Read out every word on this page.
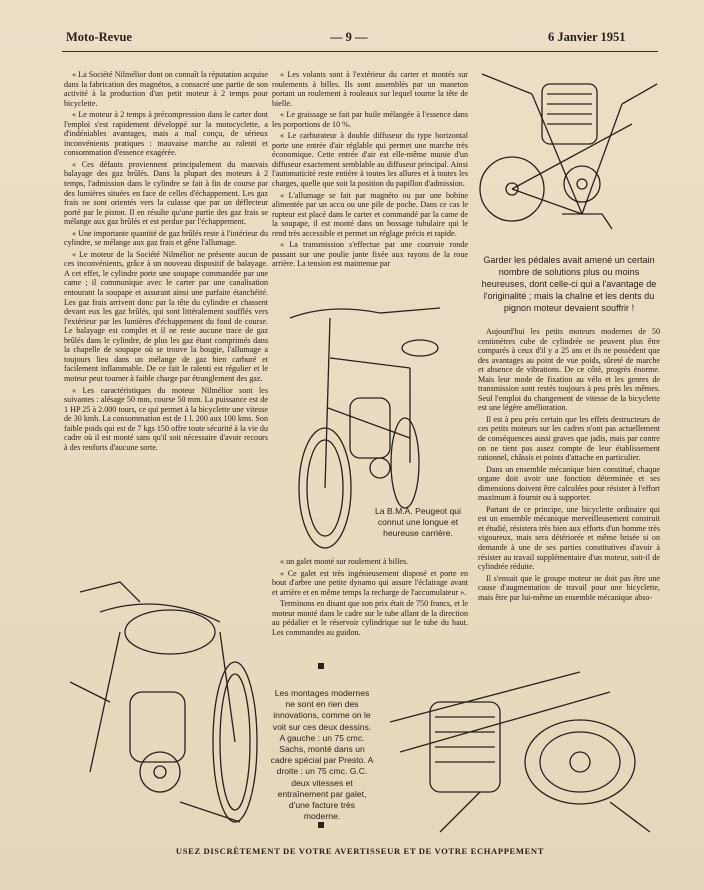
Moto-Revue	— 9 —	6 Janvier 1951

« La Société Nilmélior dont on connaît la réputation acquise dans la fabrication des magnétos, a consacré une partie de son activité à la production d'un petit moteur à 2 temps pour bicyclette.

« Le moteur à 2 temps à précompression dans le carter dont l'emploi s'est rapidement développé sur la motocyclette, a d'indéniables avantages, mais a mal conçu, de sérieux inconvénients pratiques : mauvaise marche au ralenti et consommation d'essence exagérée.

« Ces défauts proviennent principalement du mauvais balayage des gaz brûlés. Dans la plupart des moteurs à 2 temps, l'admission dans le cylindre se fait à fin de course par des lumières situées en face de celles d'échappement. Les gaz frais ne sont orientés vers la culasse que par un déflecteur porté par le piston. Il en résulte qu'une partie des gaz frais se mélange aux gaz brûlés et est perdue par l'échappement.

« Une importante quantité de gaz brûlés reste à l'intérieur du cylindre, se mélange aux gaz frais et gêne l'allumage.

« Le moteur de la Société Nilmélior ne présente aucun de ces inconvénients, grâce à un nouveau dispositif de balayage. A cet effet, le cylindre porte une soupape commandée par une came ; il communique avec le carter par une canalisation entourant la soupape et assurant ainsi une parfaite étanchéité. Les gaz frais arrivent donc par la tête du cylindre et chassent devant eux les gaz brûlés, qui sont littéralement soufflés vers l'extérieur par les lumières d'échappement du fond de course. Le balayage est complet et il ne reste aucune trace de gaz brûlés dans le cylindre, de plus les gaz étant comprimés dans la chapelle de soupape où se trouve la bougie, l'allumage a toujours lieu dans un mélange de gaz bien carburé et facilement inflammable. De ce fait le ralenti est régulier et le moteur peut tourner à faible charge par étranglement des gaz.

« Les caractéristiques du moteur Nilmélior sont les suivantes : alésage 50 mm, course 50 mm. La puissance est de 1 HP 25 à 2.000 tours, ce qui permet à la bicyclette une vitesse de 30 kmh. La consommation est de 1 l. 200 aux 100 kms. Son faible poids qui est de 7 kgs 150 offre toute sécurité à la vie du cadre où il est monté sans qu'il soit nécessaire d'avoir recours à des renforts d'aucune sorte.

« Les volants sont à l'extérieur du carter et montés sur roulements à billes. Ils sont assemblés par un maneton portant un roulement à rouleaux sur lequel tourne la tête de bielle.

« Le graissage se fait par huile mélangée à l'essence dans les porportions de 10 %.

« Le carburateur à double diffuseur du type horizontal porte une entrée d'air réglable qui permet une marche très économique. Cette entrée d'air est elle-même munie d'un diffuseur exactement semblable au diffuseur principal. Ainsi l'automaticité reste entière à toutes les allures et à toutes les charges, quelle que soit la position du papillon d'admission.

« L'allumage se fait par magnéto ou par une bobine alimentée par un accu ou une pile de poche. Dans ce cas le rupteur est placé dans le carter et commandé par la came de la soupape, il est monté dans un bossage tubulaire qui le rend très accessible et permet un réglage précis et rapide.

« La transmission s'effectue par une courroie ronde passant sur une poulie jante fixée aux rayons de la roue arrière. La tension est maintenue par

« un galet monté sur roulement à billes.

« Ce galet est très ingénieusement disposé et porte en bout d'arbre une petite dynamo qui assure l'éclairage avant et arrière et en même temps la recharge de l'accumulateur ».

Terminons en disant que son prix était de 750 francs, et le moteur monté dans le cadre sur le tube allant de la direction au pédalier et le réservoir cylindrique sur le tube du haut. Les commandes au guidon.

Aujourd'hui les petits moteurs modernes de 50 centimètres cube de cylindrée ne peuvent plus être comparés à ceux d'il y a 25 ans et ils ne possèdent que des avantages au point de vue poids, sûreté de marche et absence de vibrations. De ce côté, progrès énorme. Mais leur mode de fixation au vélo et les genres de transmission sont restés toujours à peu près les mêmes. Seul l'emploi du changement de vitesse de la bicyclette est une légère amélioration.

Il est à peu près certain que les effets destructeurs de ces petits moteurs sur les cadres n'ont pas actuellement de conséquences aussi graves que jadis, mais par contre on ne tient pas assez compte de leur établissement rationnel, châssis et points d'attache en particulier.

Dans un ensemble mécanique bien constitué, chaque organe doit avoir une fonction déterminée et ses dimensions doivent être calculées pour résister à l'effort maximum à fournir ou à supporter.

Partant de ce principe, une bicyclette ordinaire qui est un ensemble mécanique merveilleusement construit et étudié, résistera très bien aux efforts d'un homme très vigoureux, mais sera détériorée et même brisée si on demande à une de ses parties constitutives d'avoir à résister au travail supplémentaire d'un moteur, soit-il de cylindrée réduite.

Il s'ensuit que le groupe moteur ne doit pas être une cause d'augmentation de travail pour une bicyclette, mais être par lui-même un ensemble mécanique abso-

Garder les pédales avait amené un certain nombre de solutions plus ou moins heureuses, dont celle-ci qui a l'avantage de l'originalité ; mais la chaîne et les dents du pignon moteur devaient souffrir !
La B.M.A. Peugeot qui connut une longue et heureuse carrière.
Les montages modernes ne sont en rien des innovations, comme on le voit sur ces deux dessins. A gauche : un 75 cmc. Sachs, monté dans un cadre spécial par Presto. A droite : un 75 cmc. G.C. deux vitesses et entraînement par galet, d'une facture très moderne.
USEZ DISCRÈTEMENT DE VOTRE AVERTISSEUR ET DE VOTRE ECHAPPEMENT
